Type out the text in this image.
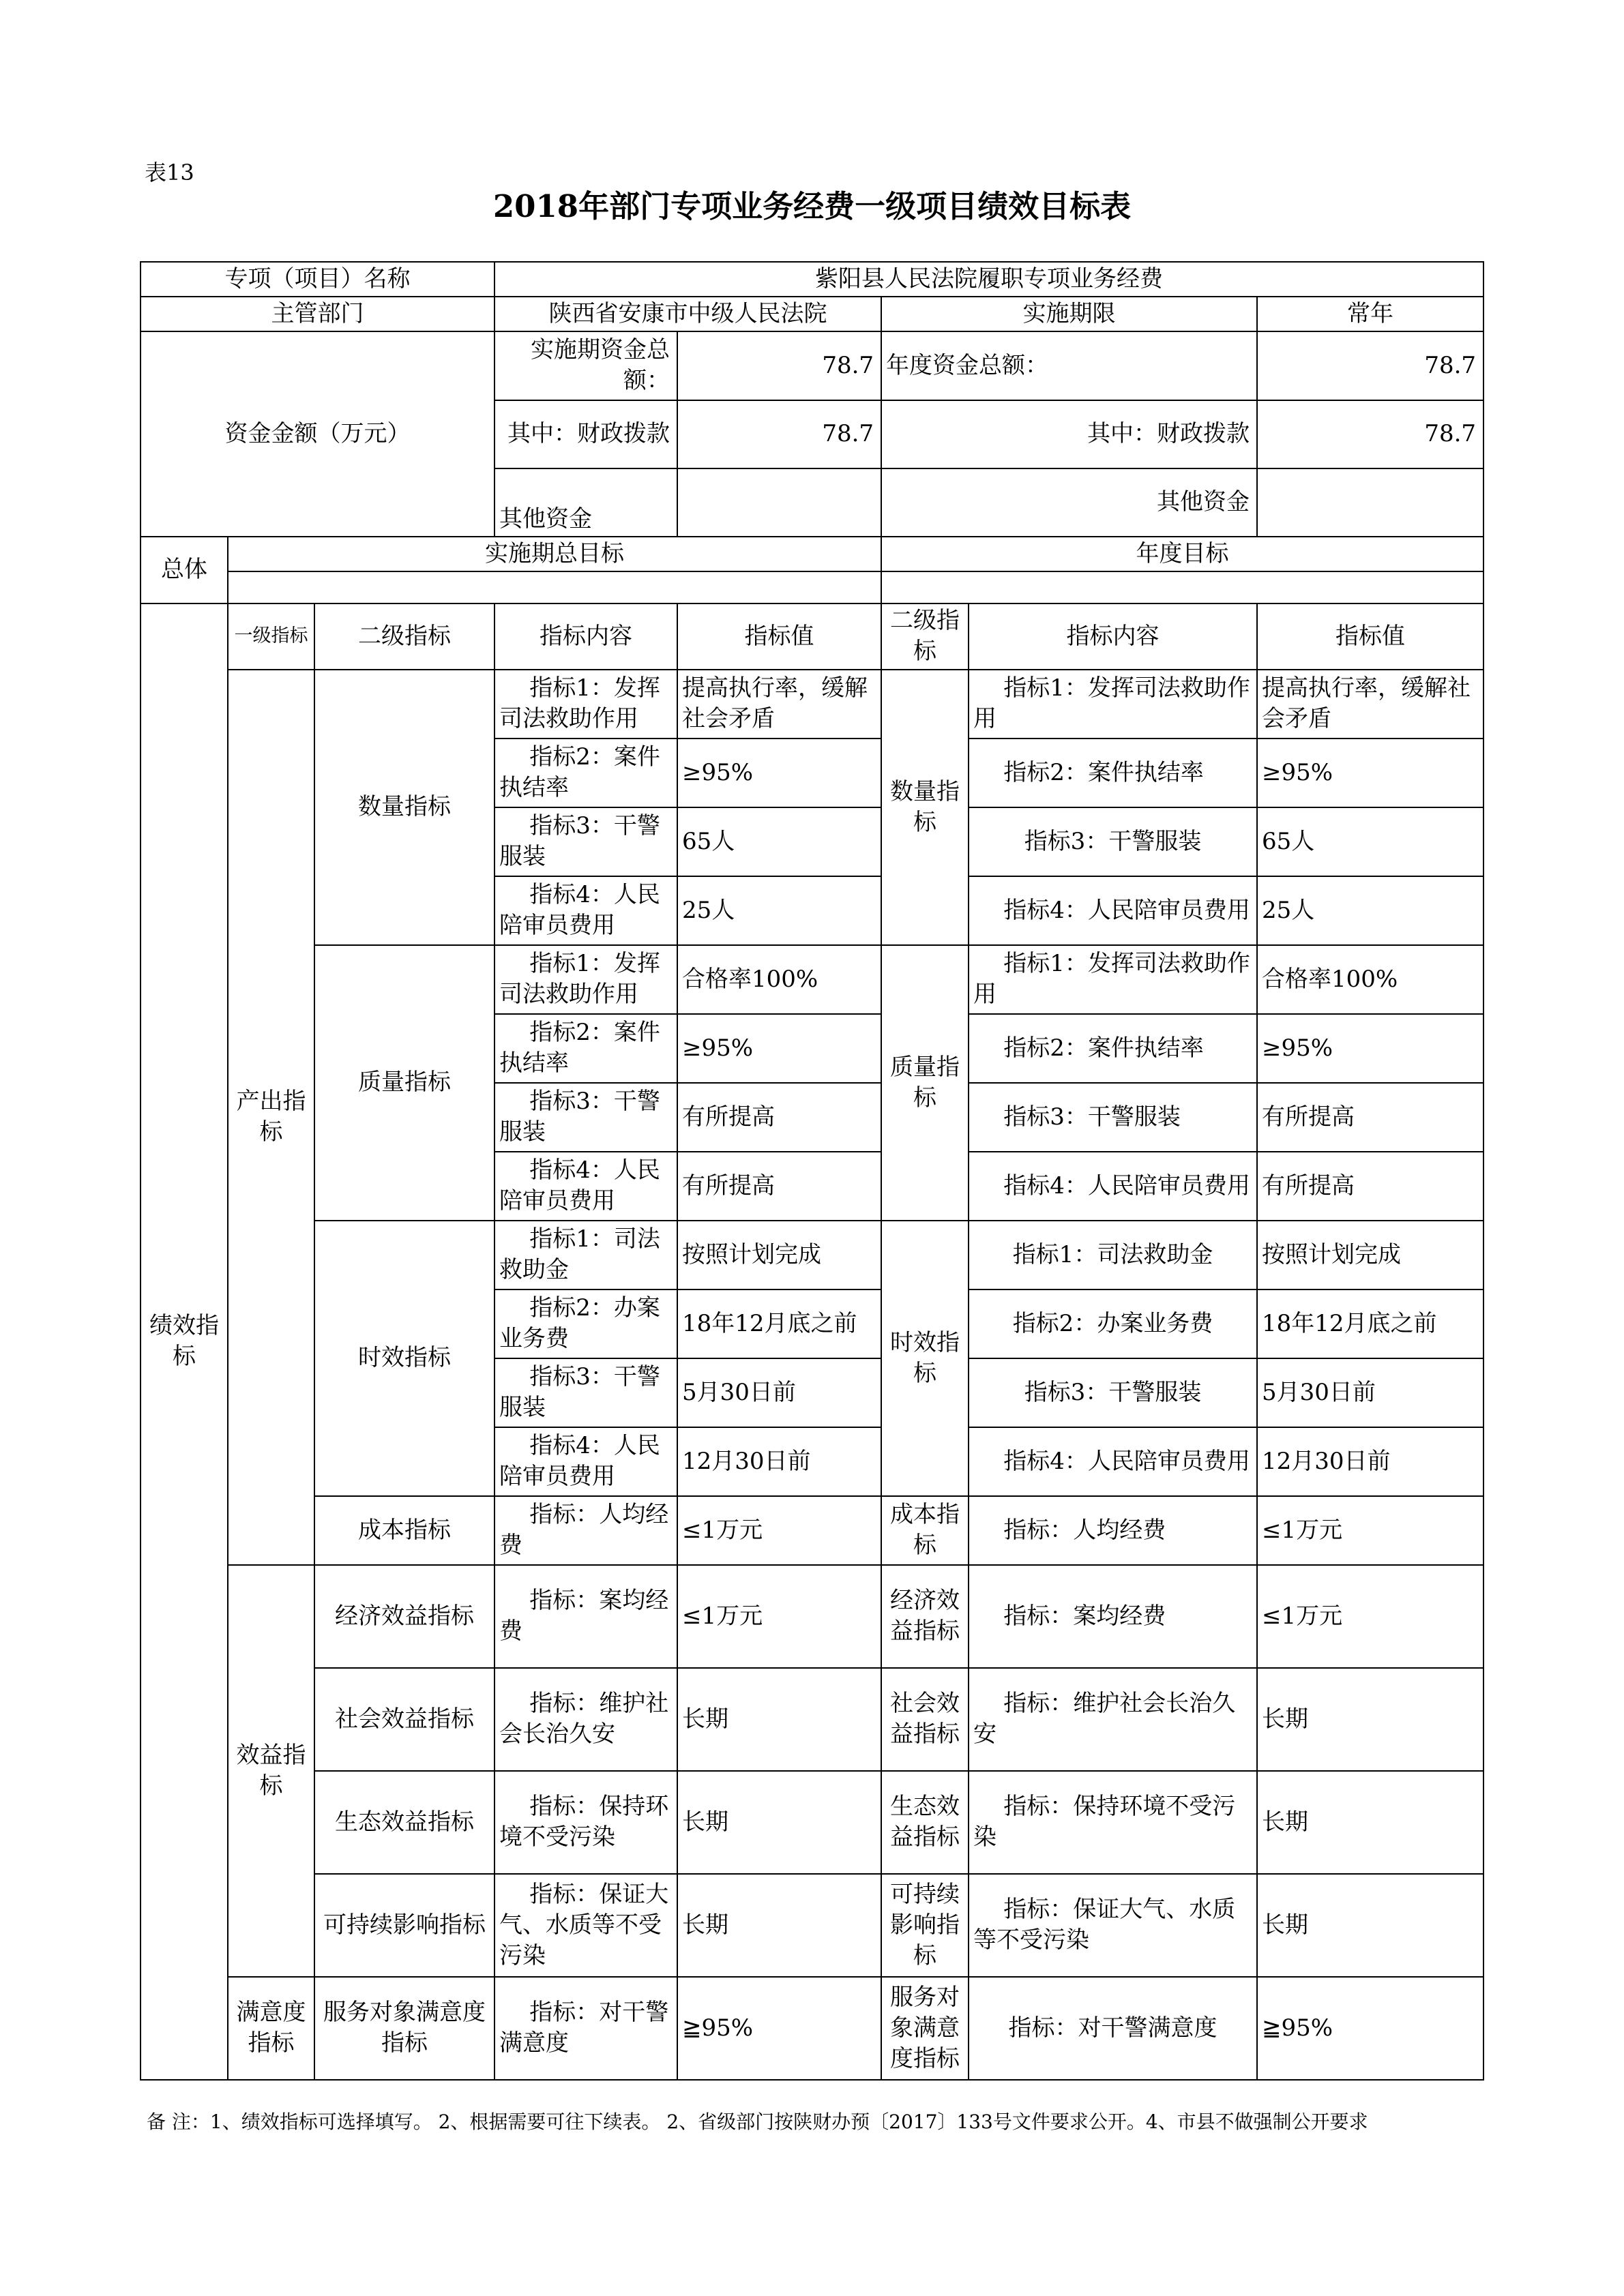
表13
2018年部门专项业务经费一级项目绩效目标表
专项（项目）名称			紫阳县人民法院履职专项业务经费				
主管部门			陕西省安康市中级人民法院		实施期限		常年
资金金额（万元）			实施期资金总额：	78.7	年度资金总额：		78.7
			其中：财政拨款	78.7	其中：财政拨款		78.7
			其他资金		其他资金		
总体	实施期总目标				年度目标		

绩效指标	一级指标	二级指标	指标内容	指标值	二级指标	指标内容	指标值
	产出指标	数量指标	指标1：发挥司法救助作用	提高执行率，缓解社会矛盾	数量指标	指标1：发挥司法救助作用	提高执行率，缓解社会矛盾
			指标2：案件执结率	≥95%		指标2：案件执结率	≥95%
			指标3：干警服装	65人		指标3：干警服装	65人
			指标4：人民陪审员费用	25人		指标4：人民陪审员费用	25人
		质量指标	指标1：发挥司法救助作用	合格率100%	质量指标	指标1：发挥司法救助作用	合格率100%
			指标2：案件执结率	≥95%		指标2：案件执结率	≥95%
			指标3：干警服装	有所提高		指标3：干警服装	有所提高
			指标4：人民陪审员费用	有所提高		指标4：人民陪审员费用	有所提高
		时效指标	指标1：司法救助金	按照计划完成	时效指标	指标1：司法救助金	按照计划完成
			指标2：办案业务费	18年12月底之前		指标2：办案业务费	18年12月底之前
			指标3：干警服装	5月30日前		指标3：干警服装	5月30日前
			指标4：人民陪审员费用	12月30日前		指标4：人民陪审员费用	12月30日前
		成本指标	指标：人均经费	≤1万元	成本指标	指标：人均经费	≤1万元
	效益指标	经济效益指标	指标：案均经费	≤1万元	经济效益指标	指标：案均经费	≤1万元
		社会效益指标	指标：维护社会长治久安	长期	社会效益指标	指标：维护社会长治久安	长期
		生态效益指标	指标：保持环境不受污染	长期	生态效益指标	指标：保持环境不受污染	长期
		可持续影响指标	指标：保证大气、水质等不受污染	长期	可持续影响指标	指标：保证大气、水质等不受污染	长期
	满意度指标	服务对象满意度指标	指标：对干警满意度	≧95%	服务对象满意度指标	指标：对干警满意度	≧95%
备 注：1、绩效指标可选择填写。 2、根据需要可往下续表。 2、省级部门按陕财办预〔2017〕133号文件要求公开。4、市县不做强制公开要求
